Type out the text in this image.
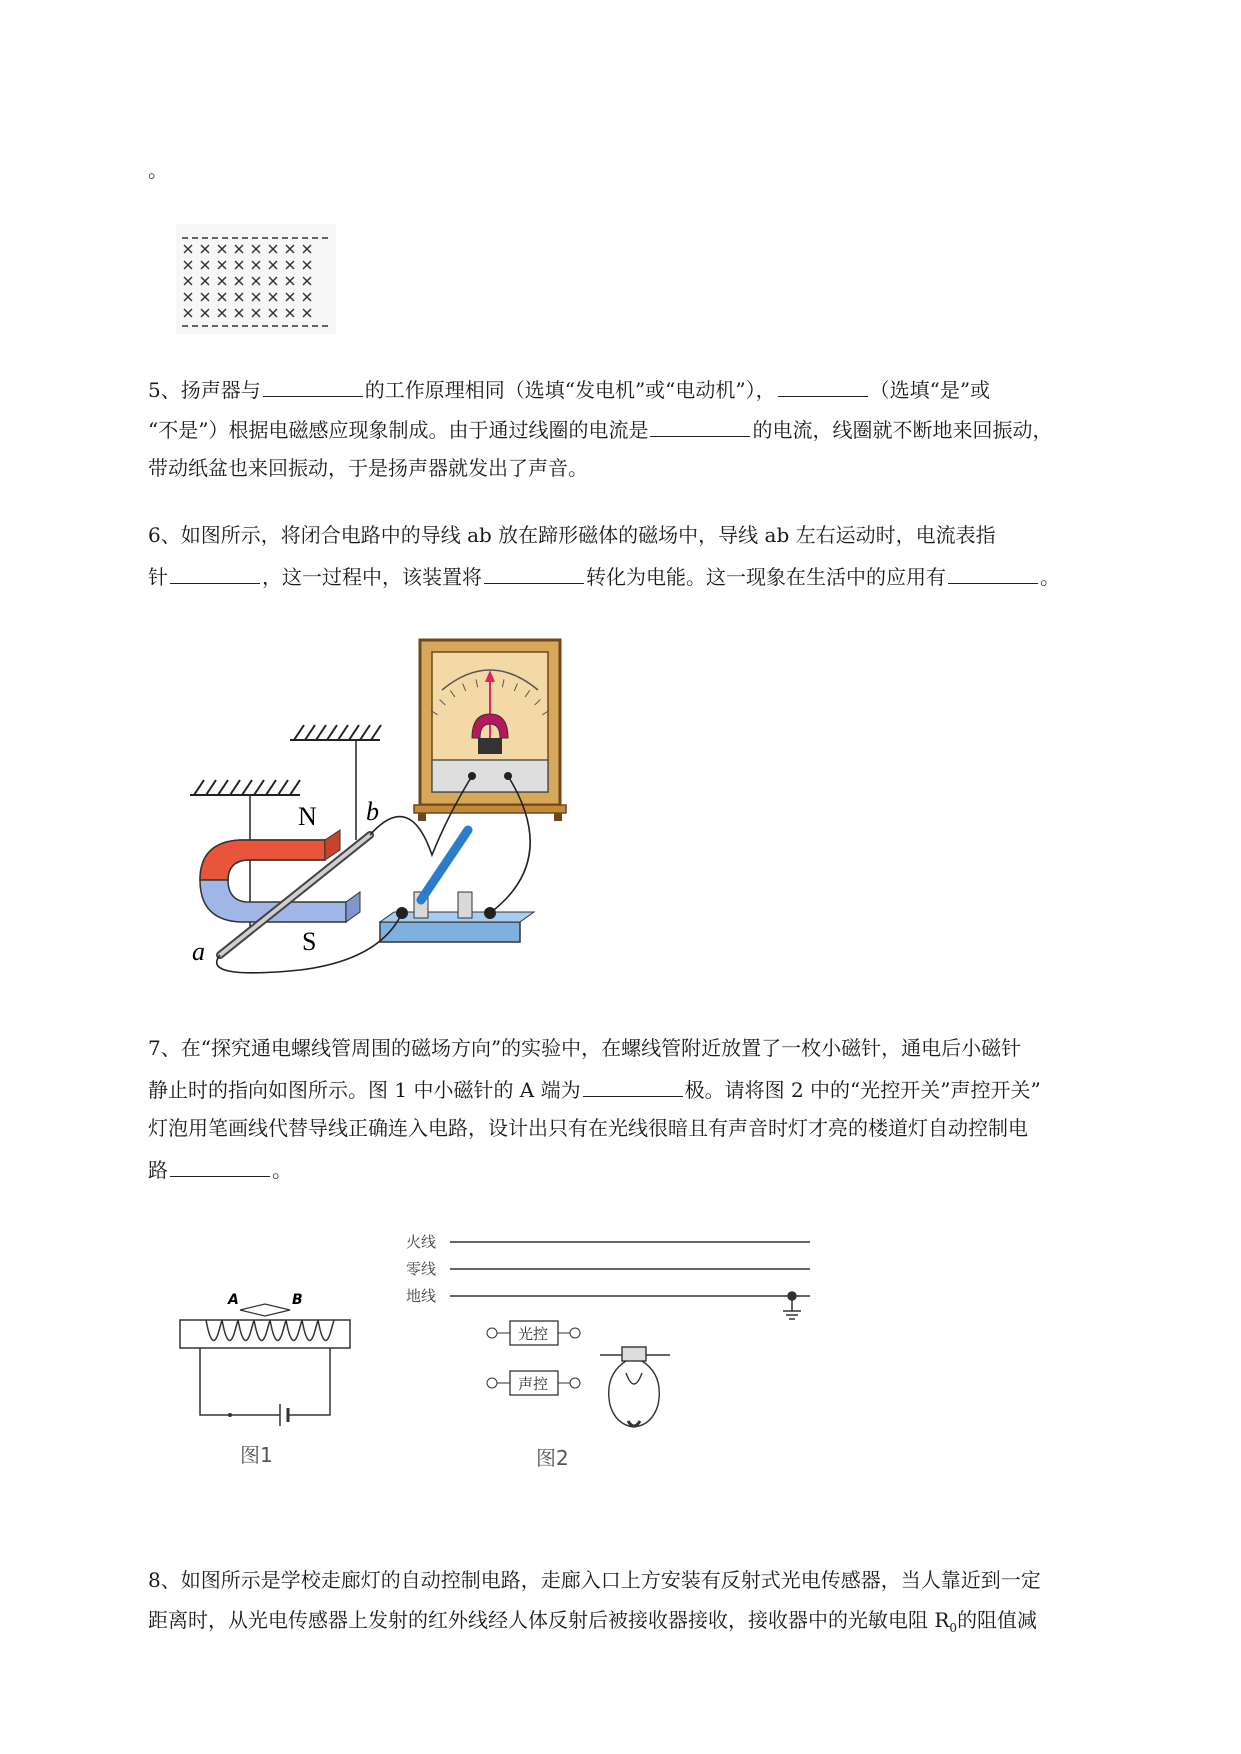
。
5、扬声器与	的工作原理相同（选填“发电机”或“电动机”），	（选填“是”或
“不是”）根据电磁感应现象制成。由于通过线圈的电流是	的电流，线圈就不断地来回振动，
带动纸盆也来回振动，于是扬声器就发出了声音。
6、如图所示，将闭合电路中的导线 ab 放在蹄形磁体的磁场中，导线 ab 左右运动时，电流表指
针	，这一过程中，该装置将	转化为电能。这一现象在生活中的应用有	。
N
S
a
b
7、在“探究通电螺线管周围的磁场方向”的实验中，在螺线管附近放置了一枚小磁针，通电后小磁针
静止时的指向如图所示。图 1 中小磁针的 A 端为	极。请将图 2 中的“光控开关”声控开关”
灯泡用笔画线代替导线正确连入电路，设计出只有在光线很暗且有声音时灯才亮的楼道灯自动控制电
路	。
A	B
图1
火线
零线
地线
光控
声控
图2
8、如图所示是学校走廊灯的自动控制电路，走廊入口上方安装有反射式光电传感器，当人靠近到一定
距离时，从光电传感器上发射的红外线经人体反射后被接收器接收，接收器中的光敏电阻 $R_0$的阻值减
